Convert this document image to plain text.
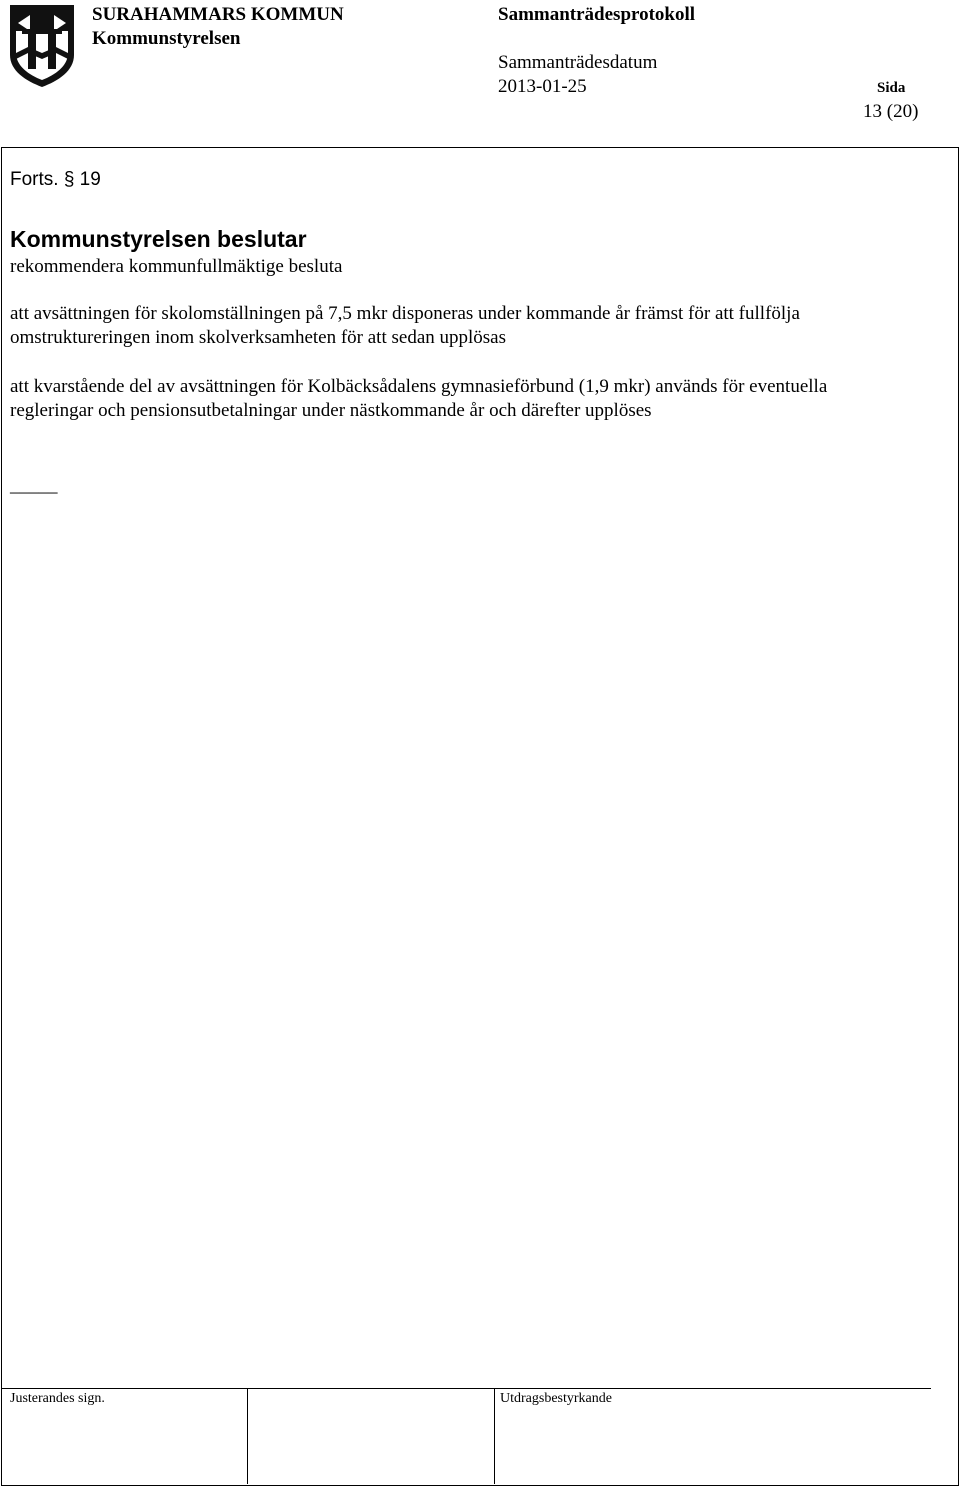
SURAHAMMARS KOMMUN
Kommunstyrelsen
Sammanträdesprotokoll
Sammanträdesdatum
2013-01-25	Sida
13 (20)
Forts. § 19
Kommunstyrelsen beslutar
rekommendera kommunfullmäktige besluta
att avsättningen för skolomställningen på 7,5 mkr disponeras under kommande år främst för att fullfölja
omstruktureringen inom skolverksamheten för att sedan upplösas
att kvarstående del av avsättningen för Kolbäcksådalens gymnasieförbund (1,9 mkr) används för eventuella
regleringar och pensionsutbetalningar under nästkommande år och därefter upplöses
_____
Justerandes sign.	Utdragsbestyrkande
